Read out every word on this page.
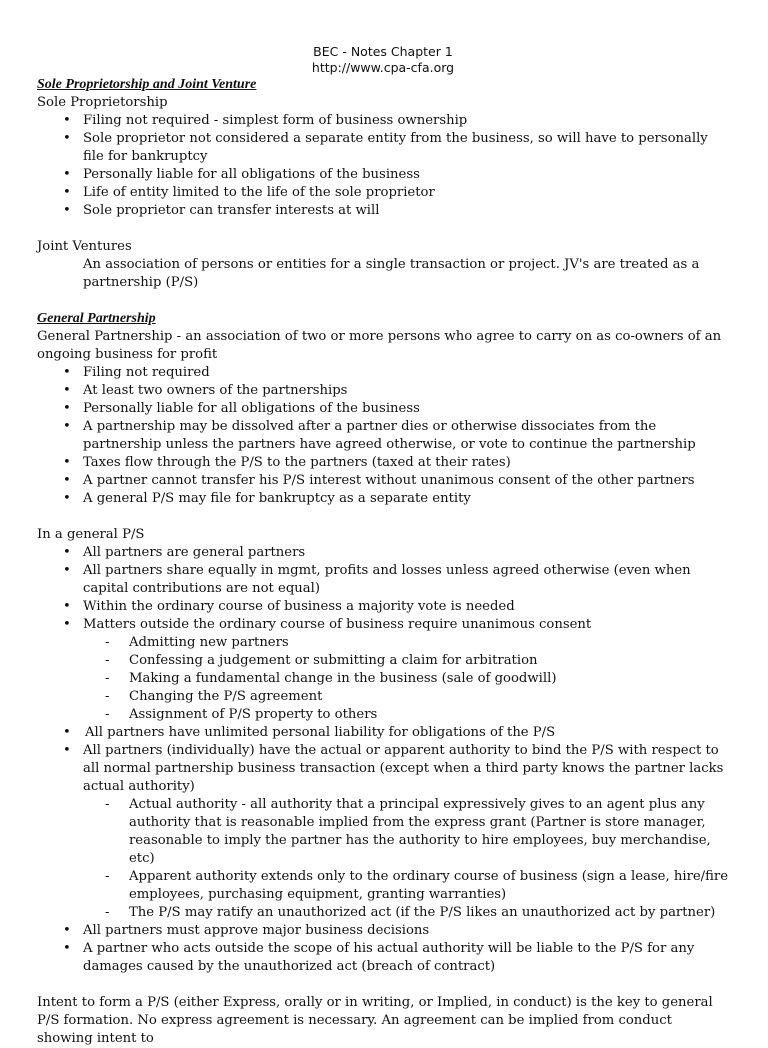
BEC - Notes Chapter 1
http://www.cpa-cfa.org
Sole Proprietorship and Joint Venture
Sole Proprietorship
• Filing not required - simplest form of business ownership
• Sole proprietor not considered a separate entity from the business, so will have to personally file for bankruptcy
• Personally liable for all obligations of the business
• Life of entity limited to the life of the sole proprietor
• Sole proprietor can transfer interests at will
Joint Ventures
An association of persons or entities for a single transaction or project. JV's are treated as a partnership (P/S)
General Partnership
General Partnership - an association of two or more persons who agree to carry on as co-owners of an ongoing business for profit
• Filing not required
• At least two owners of the partnerships
• Personally liable for all obligations of the business
• A partnership may be dissolved after a partner dies or otherwise dissociates from the partnership unless the partners have agreed otherwise, or vote to continue the partnership
• Taxes flow through the P/S to the partners (taxed at their rates)
• A partner cannot transfer his P/S interest without unanimous consent of the other partners
• A general P/S may file for bankruptcy as a separate entity
In a general P/S
• All partners are general partners
• All partners share equally in mgmt, profits and losses unless agreed otherwise (even when capital contributions are not equal)
• Within the ordinary course of business a majority vote is needed
• Matters outside the ordinary course of business require unanimous consent
- Admitting new partners
- Confessing a judgement or submitting a claim for arbitration
- Making a fundamental change in the business (sale of goodwill)
- Changing the P/S agreement
- Assignment of P/S property to others
• All partners have unlimited personal liability for obligations of the P/S
• All partners (individually) have the actual or apparent authority to bind the P/S with respect to all normal partnership business transaction (except when a third party knows the partner lacks actual authority)
- Actual authority - all authority that a principal expressively gives to an agent plus any authority that is reasonable implied from the express grant (Partner is store manager, reasonable to imply the partner has the authority to hire employees, buy merchandise, etc)
- Apparent authority extends only to the ordinary course of business (sign a lease, hire/fire employees, purchasing equipment, granting warranties)
- The P/S may ratify an unauthorized act (if the P/S likes an unauthorized act by partner)
• All partners must approve major business decisions
• A partner who acts outside the scope of his actual authority will be liable to the P/S for any damages caused by the unauthorized act (breach of contract)
Intent to form a P/S (either Express, orally or in writing, or Implied, in conduct) is the key to general P/S formation. No express agreement is necessary. An agreement can be implied from conduct showing intent to
